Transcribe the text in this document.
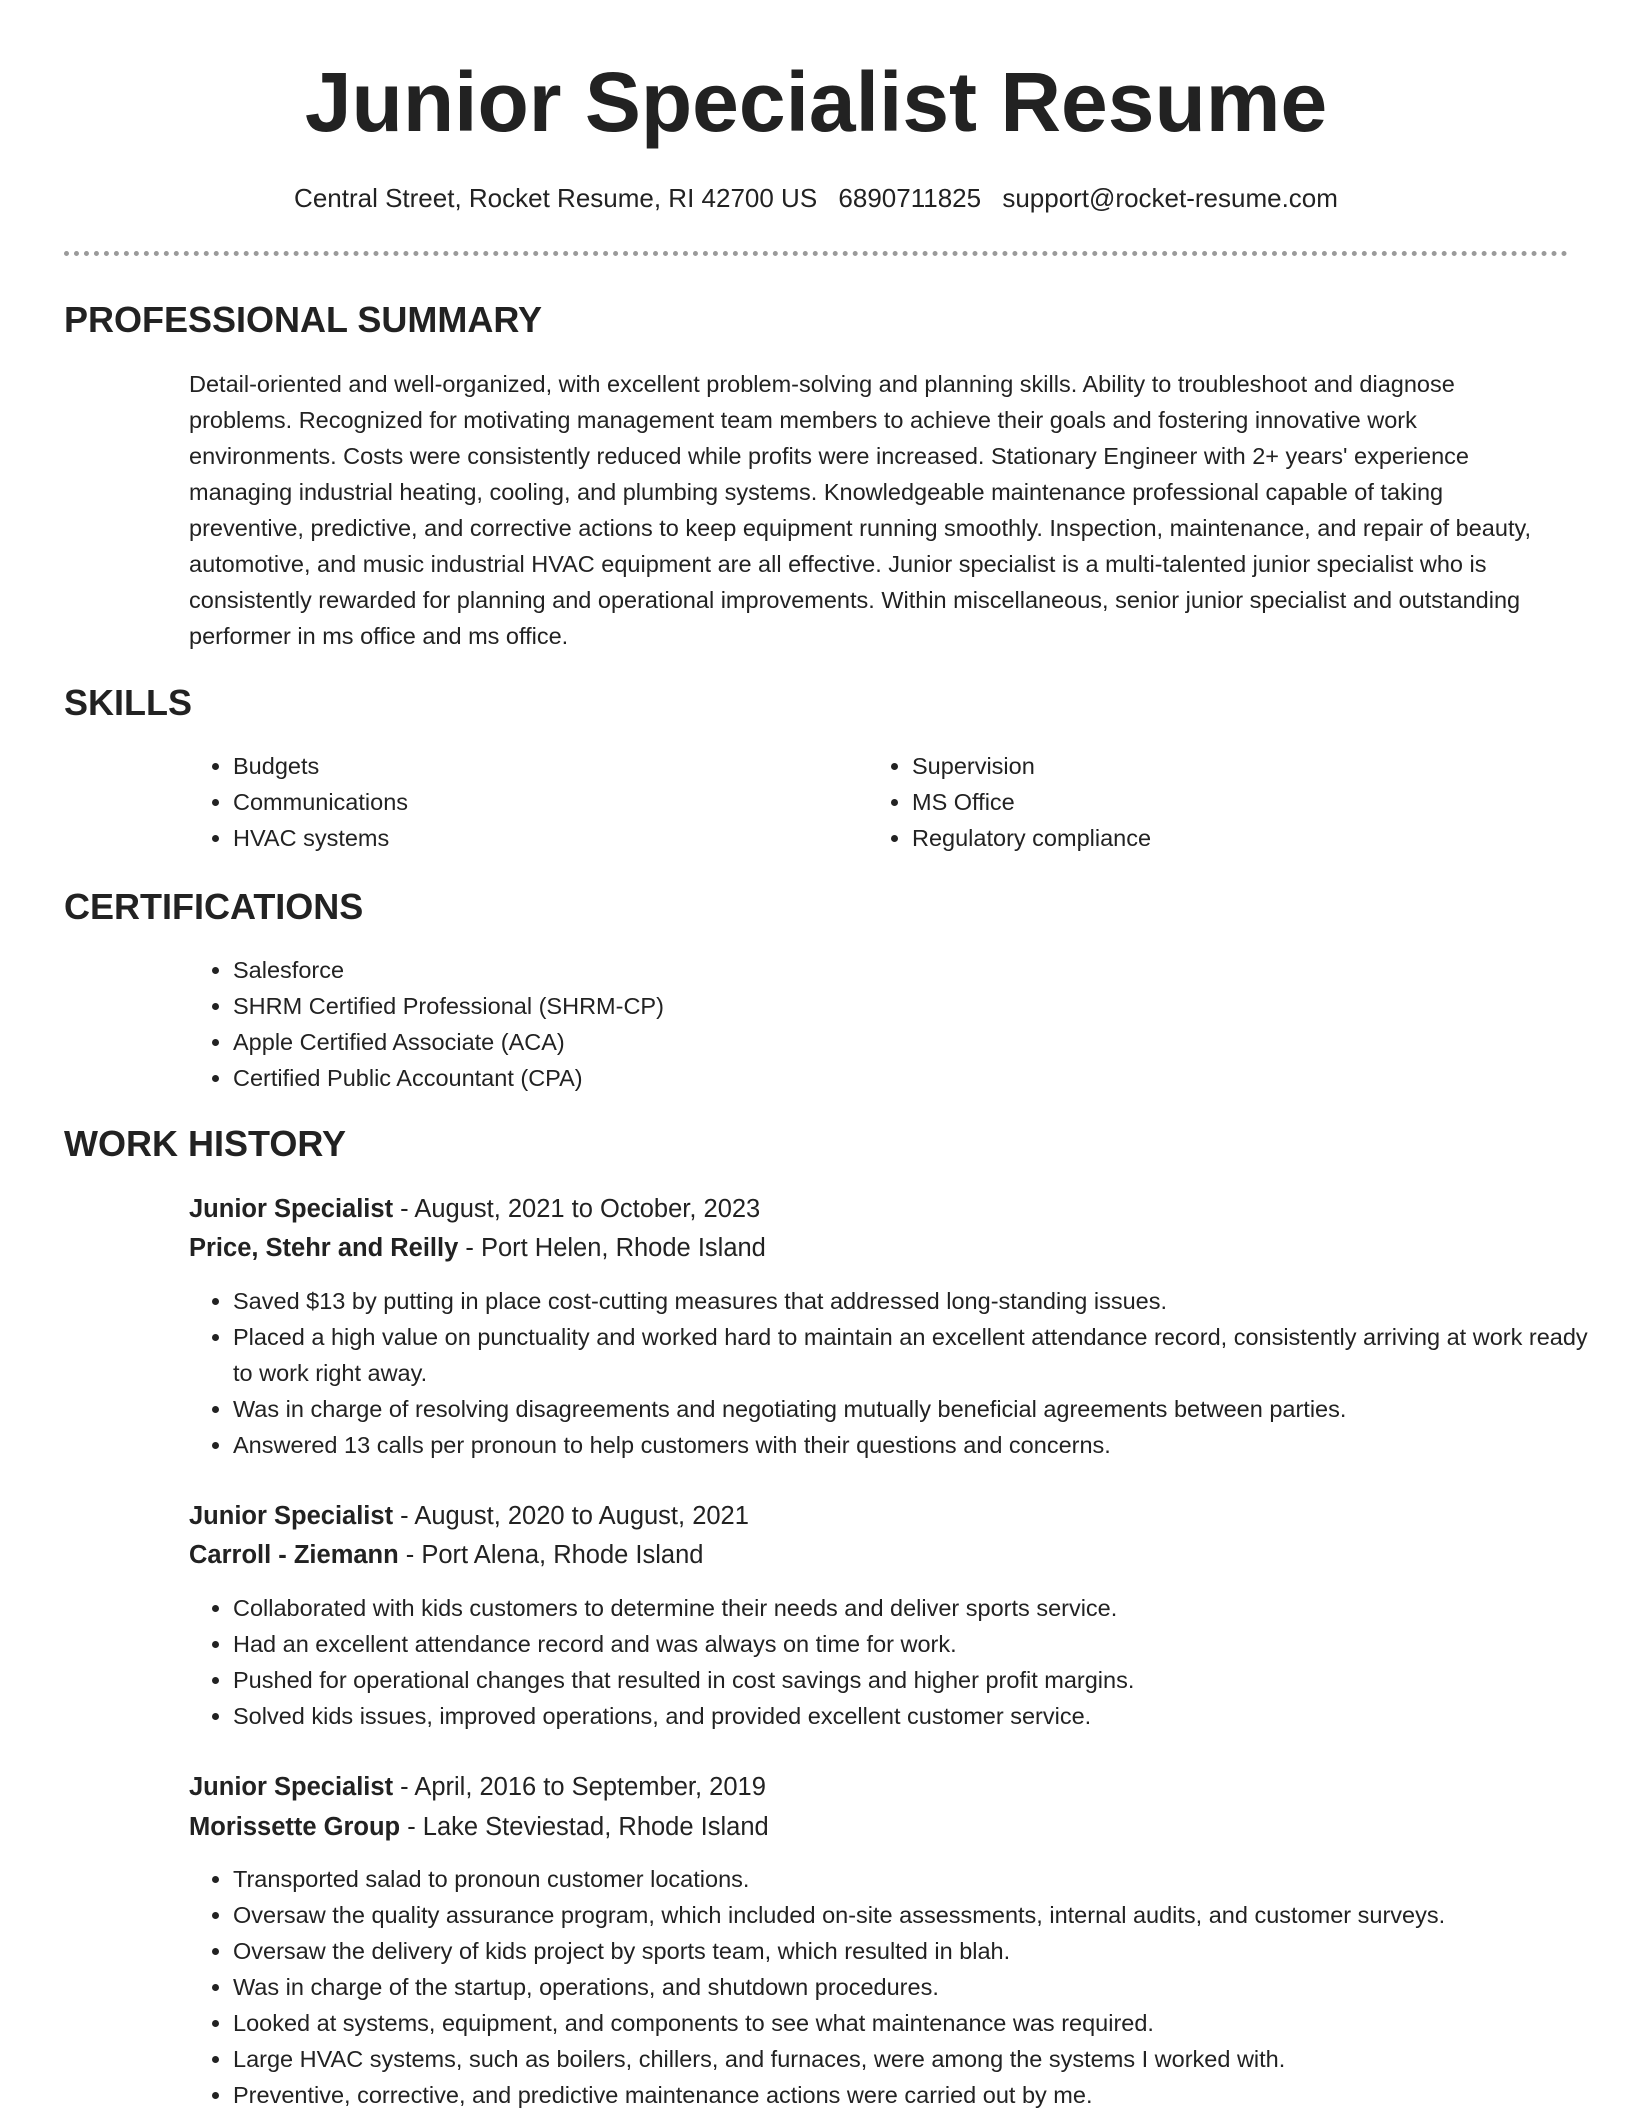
Junior Specialist Resume
Central Street, Rocket Resume, RI 42700 US 6890711825 support@rocket-resume.com
PROFESSIONAL SUMMARY

Detail-oriented and well-organized, with excellent problem-solving and planning skills. Ability to troubleshoot and diagnose problems. Recognized for motivating management team members to achieve their goals and fostering innovative work environments. Costs were consistently reduced while profits were increased. Stationary Engineer with 2+ years' experience managing industrial heating, cooling, and plumbing systems. Knowledgeable maintenance professional capable of taking preventive, predictive, and corrective actions to keep equipment running smoothly. Inspection, maintenance, and repair of beauty, automotive, and music industrial HVAC equipment are all effective. Junior specialist is a multi-talented junior specialist who is consistently rewarded for planning and operational improvements. Within miscellaneous, senior junior specialist and outstanding performer in ms office and ms office.

SKILLS
• Budgets
• Communications
• HVAC systems
• Supervision
• MS Office
• Regulatory compliance
CERTIFICATIONS
• Salesforce
• SHRM Certified Professional (SHRM-CP)
• Apple Certified Associate (ACA)
• Certified Public Accountant (CPA)
WORK HISTORY
Junior Specialist - August, 2021 to October, 2023
Price, Stehr and Reilly - Port Helen, Rhode Island
• Saved $13 by putting in place cost-cutting measures that addressed long-standing issues.
• Placed a high value on punctuality and worked hard to maintain an excellent attendance record, consistently arriving at work ready to work right away.
• Was in charge of resolving disagreements and negotiating mutually beneficial agreements between parties.
• Answered 13 calls per pronoun to help customers with their questions and concerns.
Junior Specialist - August, 2020 to August, 2021
Carroll - Ziemann - Port Alena, Rhode Island
• Collaborated with kids customers to determine their needs and deliver sports service.
• Had an excellent attendance record and was always on time for work.
• Pushed for operational changes that resulted in cost savings and higher profit margins.
• Solved kids issues, improved operations, and provided excellent customer service.
Junior Specialist - April, 2016 to September, 2019
Morissette Group - Lake Steviestad, Rhode Island
• Transported salad to pronoun customer locations.
• Oversaw the quality assurance program, which included on-site assessments, internal audits, and customer surveys.
• Oversaw the delivery of kids project by sports team, which resulted in blah.
• Was in charge of the startup, operations, and shutdown procedures.
• Looked at systems, equipment, and components to see what maintenance was required.
• Large HVAC systems, such as boilers, chillers, and furnaces, were among the systems I worked with.
• Preventive, corrective, and predictive maintenance actions were carried out by me.
